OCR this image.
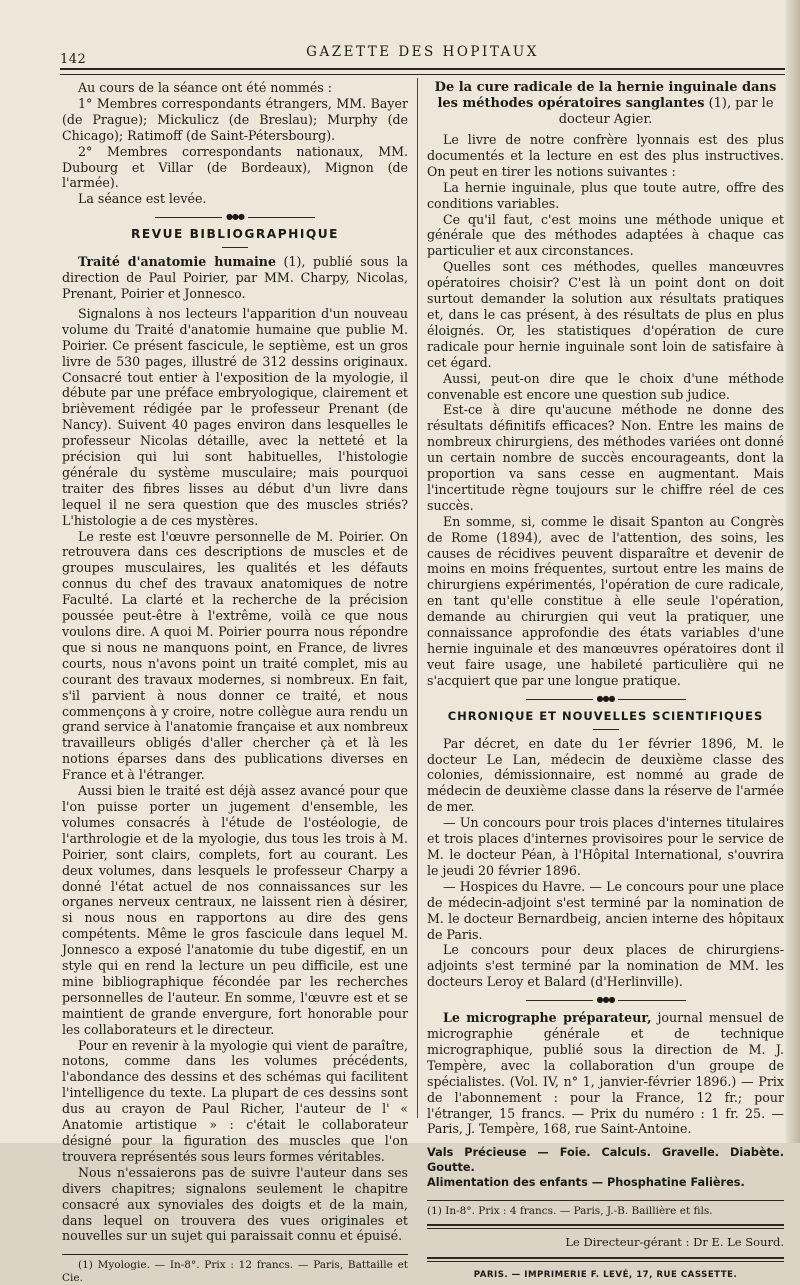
142	GAZETTE DES HOPITAUX

Au cours de la séance ont été nommés :

1° Membres correspondants étrangers, MM. Bayer (de Prague); Mickulicz (de Breslau); Murphy (de Chicago); Ratimoff (de Saint-Pétersbourg).

2° Membres correspondants nationaux, MM. Dubourg et Villar (de Bordeaux), Mignon (de l'armée).

La séance est levée.

●●●
REVUE BIBLIOGRAPHIQUE

Traité d'anatomie humaine (1), publié sous la direction de Paul Poirier, par MM. Charpy, Nicolas, Prenant, Poirier et Jonnesco.

Signalons à nos lecteurs l'apparition d'un nouveau volume du Traité d'anatomie humaine que publie M. Poirier. Ce présent fascicule, le septième, est un gros livre de 530 pages, illustré de 312 dessins originaux. Consacré tout entier à l'exposition de la myologie, il débute par une préface embryologique, clairement et brièvement rédigée par le professeur Prenant (de Nancy). Suivent 40 pages environ dans lesquelles le professeur Nicolas détaille, avec la netteté et la précision qui lui sont habituelles, l'histologie générale du système musculaire; mais pourquoi traiter des fibres lisses au début d'un livre dans lequel il ne sera question que des muscles striés? L'histologie a de ces mystères.

Le reste est l'œuvre personnelle de M. Poirier. On retrouvera dans ces descriptions de muscles et de groupes musculaires, les qualités et les défauts connus du chef des travaux anatomiques de notre Faculté. La clarté et la recherche de la précision poussée peut-être à l'extrême, voilà ce que nous voulons dire. A quoi M. Poirier pourra nous répondre que si nous ne manquons point, en France, de livres courts, nous n'avons point un traité complet, mis au courant des travaux modernes, si nombreux. En fait, s'il parvient à nous donner ce traité, et nous commençons à y croire, notre collègue aura rendu un grand service à l'anatomie française et aux nombreux travailleurs obligés d'aller chercher çà et là les notions éparses dans des publications diverses en France et à l'étranger.

Aussi bien le traité est déjà assez avancé pour que l'on puisse porter un jugement d'ensemble, les volumes consacrés à l'étude de l'ostéologie, de l'arthrologie et de la myologie, dus tous les trois à M. Poirier, sont clairs, complets, fort au courant. Les deux volumes, dans lesquels le professeur Charpy a donné l'état actuel de nos connaissances sur les organes nerveux centraux, ne laissent rien à désirer, si nous nous en rapportons au dire des gens compétents. Même le gros fascicule dans lequel M. Jonnesco a exposé l'anatomie du tube digestif, en un style qui en rend la lecture un peu difficile, est une mine bibliographique fécondée par les recherches personnelles de l'auteur. En somme, l'œuvre est et se maintient de grande envergure, fort honorable pour les collaborateurs et le directeur.

Pour en revenir à la myologie qui vient de paraître, notons, comme dans les volumes précédents, l'abondance des dessins et des schémas qui facilitent l'intelligence du texte. La plupart de ces dessins sont dus au crayon de Paul Richer, l'auteur de l' « Anatomie artistique » : c'était le collaborateur désigné pour la figuration des muscles que l'on trouvera représentés sous leurs formes véritables.

Nous n'essaierons pas de suivre l'auteur dans ses divers chapitres; signalons seulement le chapitre consacré aux synoviales des doigts et de la main, dans lequel on trouvera des vues originales et nouvelles sur un sujet qui paraissait connu et épuisé.

(1) Myologie. — In-8°. Prix : 12 francs. — Paris, Battaille et Cie.

De la cure radicale de la hernie inguinale dans les méthodes opératoires sanglantes (1), par le docteur Agier.

Le livre de notre confrère lyonnais est des plus documentés et la lecture en est des plus instructives. On peut en tirer les notions suivantes :

La hernie inguinale, plus que toute autre, offre des conditions variables.

Ce qu'il faut, c'est moins une méthode unique et générale que des méthodes adaptées à chaque cas particulier et aux circonstances.

Quelles sont ces méthodes, quelles manœuvres opératoires choisir? C'est là un point dont on doit surtout demander la solution aux résultats pratiques et, dans le cas présent, à des résultats de plus en plus éloignés. Or, les statistiques d'opération de cure radicale pour hernie inguinale sont loin de satisfaire à cet égard.

Aussi, peut-on dire que le choix d'une méthode convenable est encore une question sub judice.

Est-ce à dire qu'aucune méthode ne donne des résultats définitifs efficaces? Non. Entre les mains de nombreux chirurgiens, des méthodes variées ont donné un certain nombre de succès encourageants, dont la proportion va sans cesse en augmentant. Mais l'incertitude règne toujours sur le chiffre réel de ces succès.

En somme, si, comme le disait Spanton au Congrès de Rome (1894), avec de l'attention, des soins, les causes de récidives peuvent disparaître et devenir de moins en moins fréquentes, surtout entre les mains de chirurgiens expérimentés, l'opération de cure radicale, en tant qu'elle constitue à elle seule l'opération, demande au chirurgien qui veut la pratiquer, une connaissance approfondie des états variables d'une hernie inguinale et des manœuvres opératoires dont il veut faire usage, une habileté particulière qui ne s'acquiert que par une longue pratique.

●●●
CHRONIQUE ET NOUVELLES SCIENTIFIQUES

Par décret, en date du 1er février 1896, M. le docteur Le Lan, médecin de deuxième classe des colonies, démissionnaire, est nommé au grade de médecin de deuxième classe dans la réserve de l'armée de mer.

— Un concours pour trois places d'internes titulaires et trois places d'internes provisoires pour le service de M. le docteur Péan, à l'Hôpital International, s'ouvrira le jeudi 20 février 1896.

— Hospices du Havre. — Le concours pour une place de médecin-adjoint s'est terminé par la nomination de M. le docteur Bernardbeig, ancien interne des hôpitaux de Paris.

Le concours pour deux places de chirurgiens-adjoints s'est terminé par la nomination de MM. les docteurs Leroy et Balard (d'Herlinville).

●●●

Le micrographe préparateur, journal mensuel de micrographie générale et de technique micrographique, publié sous la direction de M. J. Tempère, avec la collaboration d'un groupe de spécialistes. (Vol. IV, n° 1, janvier-février 1896.) — Prix de l'abonnement : pour la France, 12 fr.; pour l'étranger, 15 francs. — Prix du numéro : 1 fr. 25. — Paris, J. Tempère, 168, rue Saint-Antoine.

Vals Précieuse — Foie. Calculs. Gravelle. Diabète. Goutte.
Alimentation des enfants — Phosphatine Falières.

(1) In-8°. Prix : 4 francs. — Paris, J.-B. Baillière et fils.

Le Directeur-gérant : Dr E. Le Sourd.
PARIS. — IMPRIMERIE F. LEVÉ, 17, RUE CASSETTE.
